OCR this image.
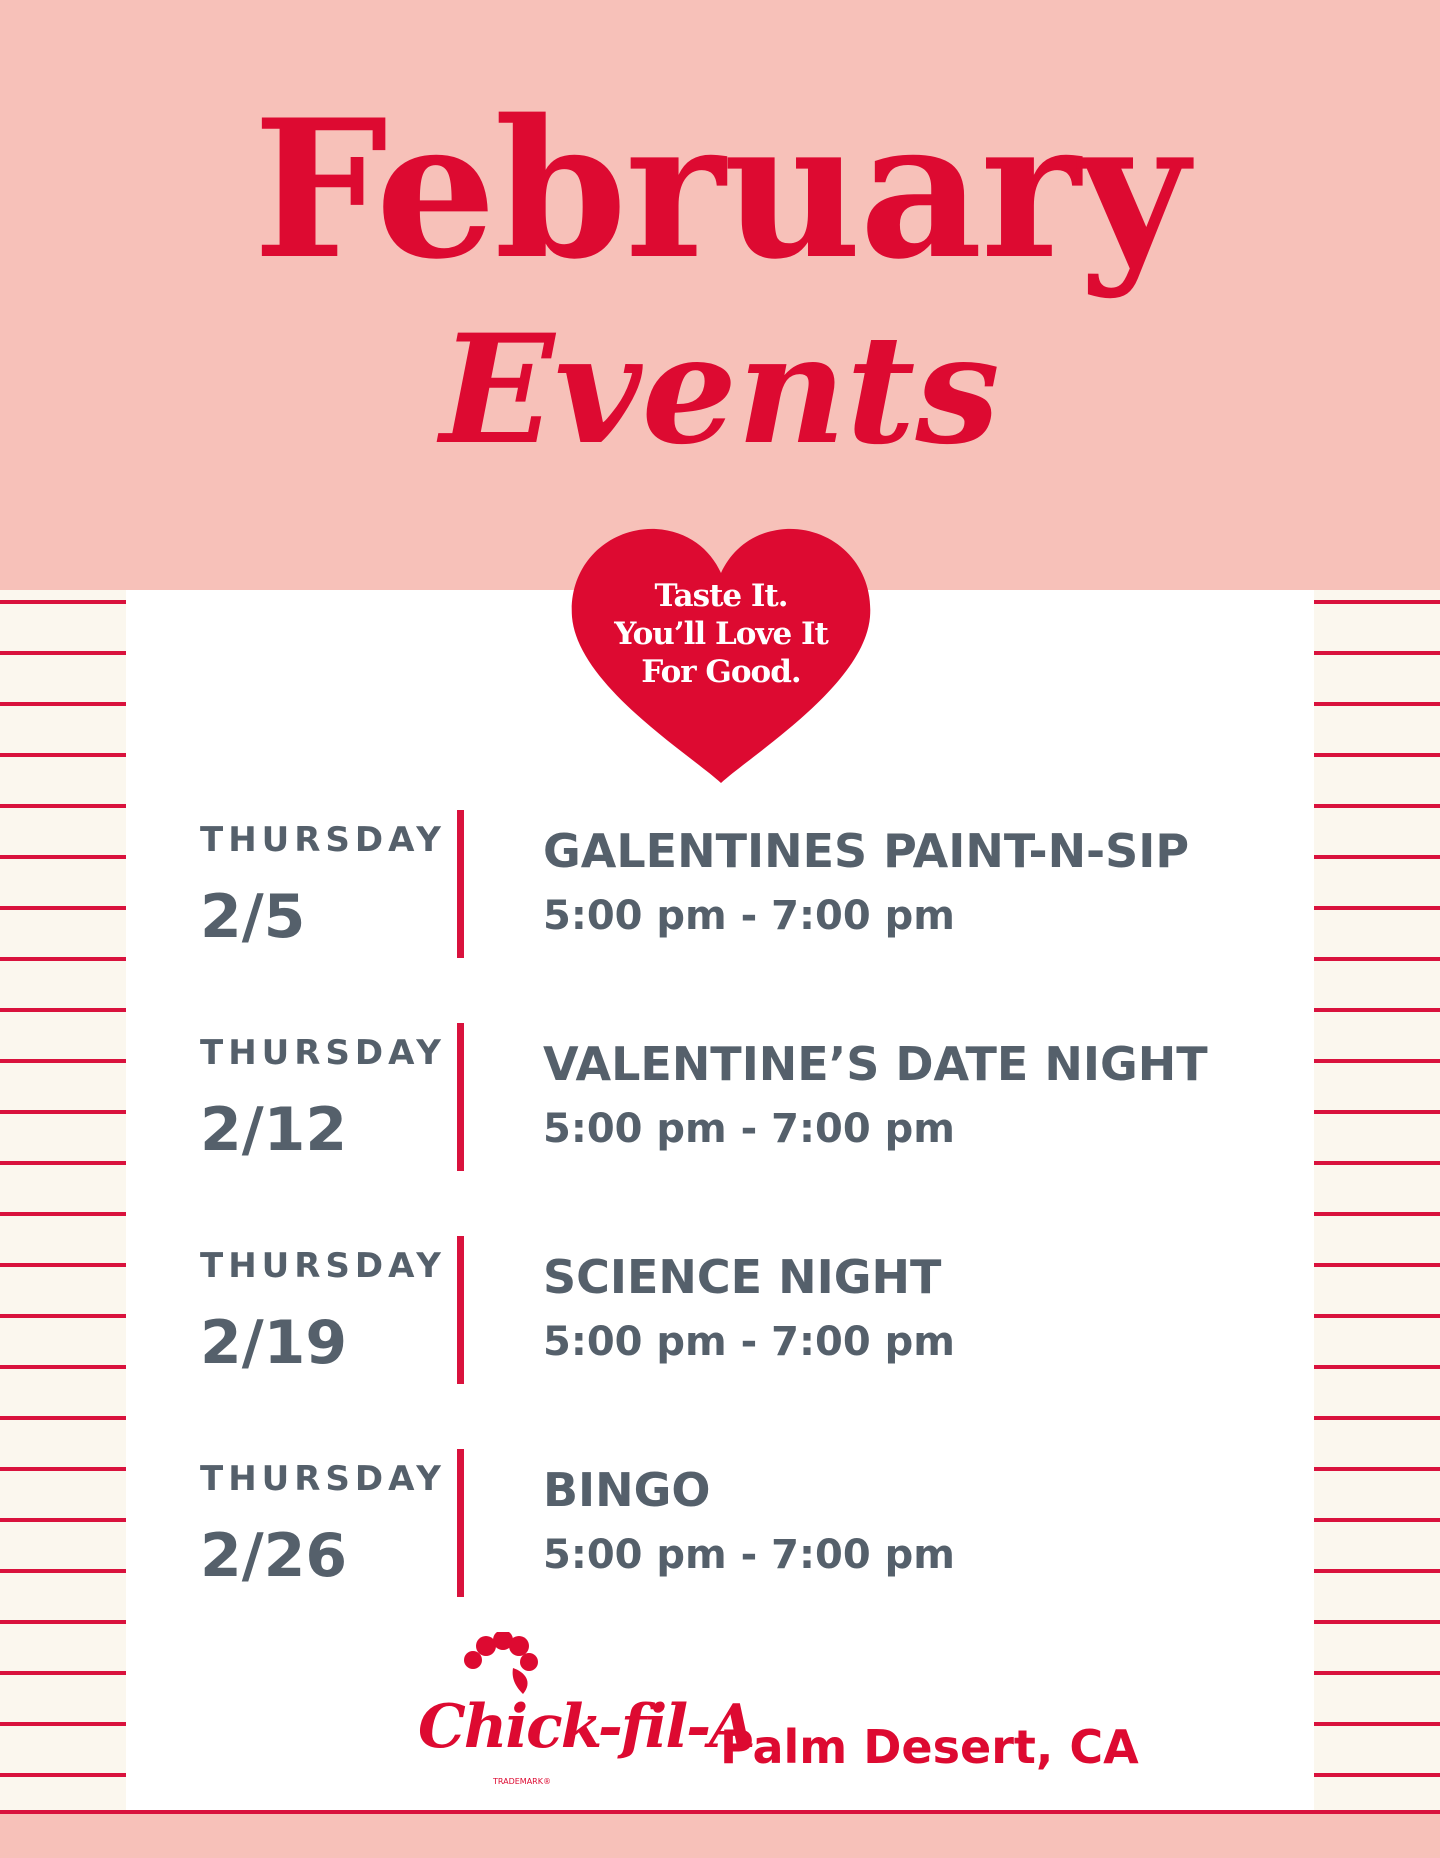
February
Events
Taste It.
You’ll Love It
For Good.
THURSDAY
2/5
GALENTINES PAINT-N-SIP
5:00 pm - 7:00 pm
THURSDAY
2/12
VALENTINE’S DATE NIGHT
5:00 pm - 7:00 pm
THURSDAY
2/19
SCIENCE NIGHT
5:00 pm - 7:00 pm
THURSDAY
2/26
BINGO
5:00 pm - 7:00 pm
Chick-fil-A
TRADEMARK®
Palm Desert, CA
